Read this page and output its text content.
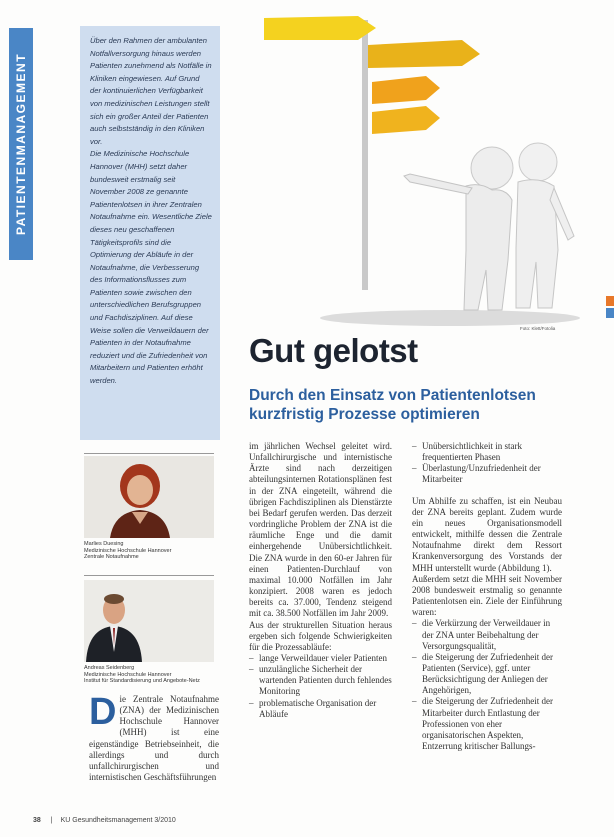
PATIENTENMANAGEMENT

Über den Rahmen der ambulanten Notfallversorgung hinaus werden Patienten zunehmend als Notfälle in Kliniken eingewiesen. Auf Grund der kontinuierlichen Verfügbarkeit von medizinischen Leistungen stellt sich ein großer Anteil der Patienten auch selbstständig in den Kliniken vor.

Die Medizinische Hochschule Hannover (MHH) setzt daher bundesweit erstmalig seit November 2008 ze genannte Patientenlotsen in ihrer Zentralen Notaufnahme ein. Wesentliche Ziele dieses neu geschaffenen Tätigkeitsprofils sind die Optimierung der Abläufe in der Notaufnahme, die Verbesserung des Informationsflusses zum Patienten sowie zwischen den unterschiedlichen Berufsgruppen und Fachdisziplinen. Auf diese Weise sollen die Verweildauern der Patienten in der Notaufnahme reduziert und die Zufriedenheit von Mitarbeitern und Patienten erhöht werden.

Marlies Duesing
Medizinische Hochschule Hannover
Zentrale Notaufnahme
Andreas Seidenberg
Medizinische Hochschule Hannover
Institut für Standardisierung und Angebote-Netz
Foto: Klett/Fotolia
Gut gelotst
Durch den Einsatz von Patientenlotsen kurzfristig Prozesse optimieren
D ie Zentrale Notaufnahme (ZNA) der Medizinischen Hochschule Hannover (MHH) ist eine eigenständige Betriebseinheit, die allerdings und durch unfallchirurgischen und internistischen Geschäftsführungen

im jährlichen Wechsel geleitet wird. Unfallchirurgische und internistische Ärzte sind nach derzeitigen abteilungsinternen Rotationsplänen fest in der ZNA eingeteilt, während die übrigen Fachdisziplinen als Dienstärzte bei Bedarf gerufen werden. Das derzeit vordringliche Problem der ZNA ist die räumliche Enge und die damit einhergehende Unübersichtlichkeit. Die ZNA wurde in den 60-er Jahren für einen Patienten-Durchlauf von maximal 10.000 Notfällen im Jahr konzipiert. 2008 waren es jedoch bereits ca. 37.000, Tendenz steigend mit ca. 38.500 Notfällen im Jahr 2009.

Aus der strukturellen Situation heraus ergeben sich folgende Schwierigkeiten für die Prozessabläufe:

– lange Verweildauer vieler Patienten
– unzulängliche Sicherheit der wartenden Patienten durch fehlendes Monitoring
– problematische Organisation der Abläufe
– Unübersichtlichkeit in stark frequentierten Phasen
– Überlastung/Unzufriedenheit der Mitarbeiter

Um Abhilfe zu schaffen, ist ein Neubau der ZNA bereits geplant. Zudem wurde ein neues Organisationsmodell entwickelt, mithilfe dessen die Zentrale Notaufnahme direkt dem Ressort Krankenversorgung des Vorstands der MHH unterstellt wurde (Abbildung 1).

Außerdem setzt die MHH seit November 2008 bundesweit erstmalig so genannte Patientenlotsen ein. Ziele der Einführung waren:

– die Verkürzung der Verweildauer in der ZNA unter Beibehaltung der Versorgungsqualität,
– die Steigerung der Zufriedenheit der Patienten (Service), ggf. unter Berücksichtigung der Anliegen der Angehörigen,
– die Steigerung der Zufriedenheit der Mitarbeiter durch Entlastung der Professionen von eher organisatorischen Aspekten, Entzerrung kritischer Ballungs-
38 | KU Gesundheitsmanagement 3/2010
